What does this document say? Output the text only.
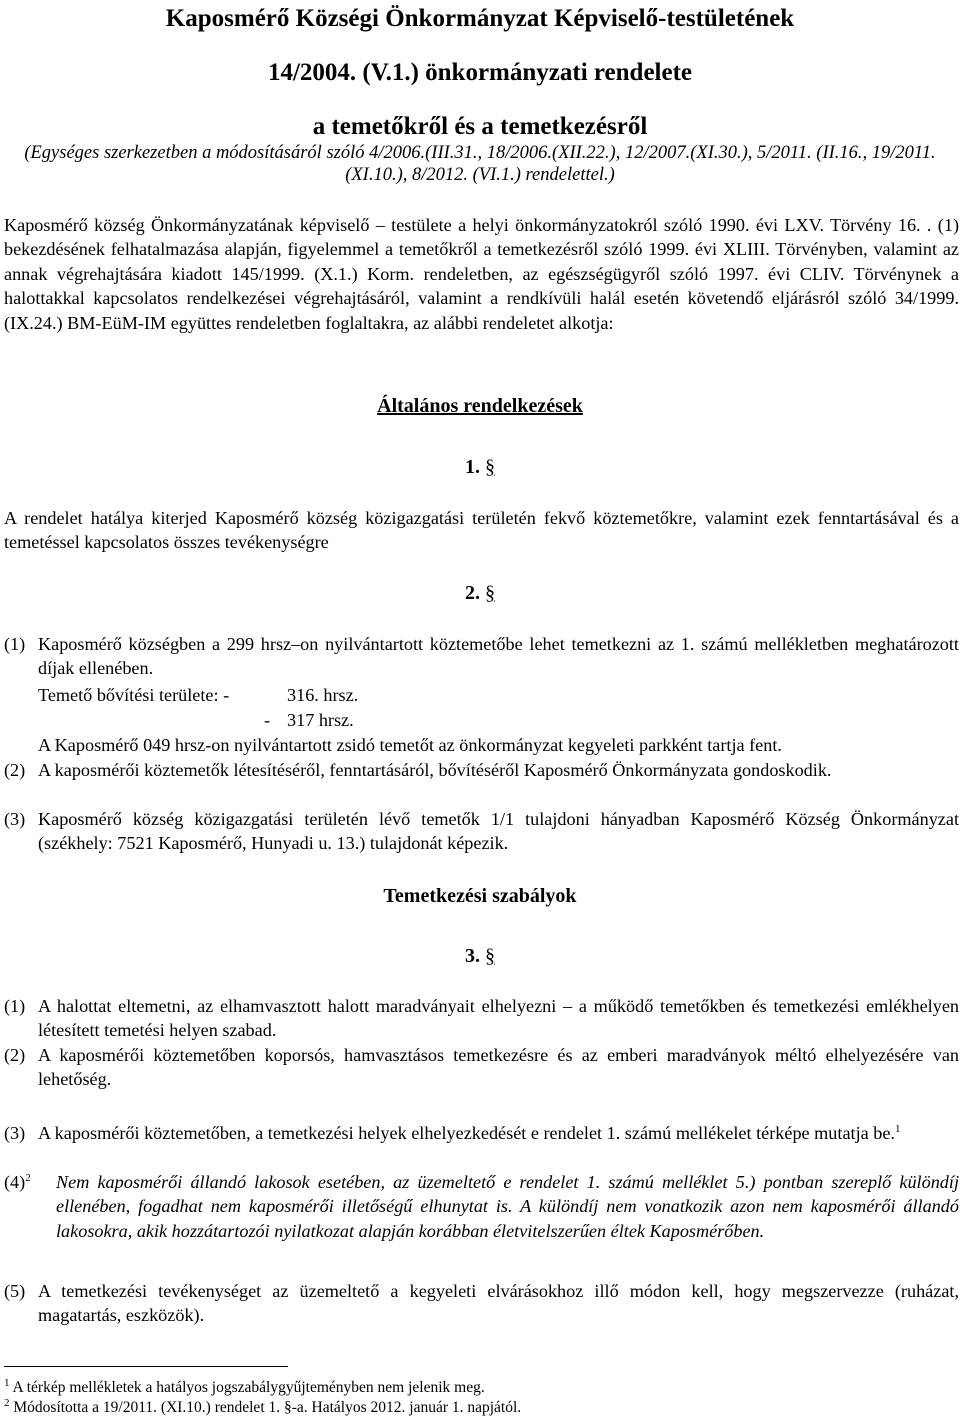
Kaposmérő Községi Önkormányzat Képviselő-testületének
14/2004. (V.1.) önkormányzati rendelete
a temetőkről és a temetkezésről
(Egységes szerkezetben a módosításáról szóló 4/2006.(III.31., 18/2006.(XII.22.), 12/2007.(XI.30.), 5/2011. (II.16., 19/2011. (XI.10.), 8/2012. (VI.1.) rendelettel.)
Kaposmérő község Önkormányzatának képviselő – testülete a helyi önkormányzatokról szóló 1990. évi LXV. Törvény 16. . (1) bekezdésének felhatalmazása alapján, figyelemmel a temetőkről a temetkezésről szóló 1999. évi XLIII. Törvényben, valamint az annak végrehajtására kiadott 145/1999. (X.1.) Korm. rendeletben, az egészségügyről szóló 1997. évi CLIV. Törvénynek a halottakkal kapcsolatos rendelkezései végrehajtásáról, valamint a rendkívüli halál esetén követendő eljárásról szóló 34/1999. (IX.24.) BM-EüM-IM együttes rendeletben foglaltakra, az alábbi rendeletet alkotja:
Általános rendelkezések
1. §
A rendelet hatálya kiterjed Kaposmérő község közigazgatási területén fekvő köztemetőkre, valamint ezek fenntartásával és a temetéssel kapcsolatos összes tevékenységre
2. §
(1) Kaposmérő községben a 299 hrsz–on nyilvántartott köztemetőbe lehet temetkezni az 1. számú mellékletben meghatározott díjak ellenében.
Temető bővítési területe: -	316. hrsz.
- 317 hrsz.
A Kaposmérő 049 hrsz-on nyilvántartott zsidó temetőt az önkormányzat kegyeleti parkként tartja fent.
(2) A kaposmérői köztemetők létesítéséről, fenntartásáról, bővítéséről Kaposmérő Önkormányzata gondoskodik.
(3) Kaposmérő község közigazgatási területén lévő temetők 1/1 tulajdoni hányadban Kaposmérő Község Önkormányzat (székhely: 7521 Kaposmérő, Hunyadi u. 13.) tulajdonát képezik.
Temetkezési szabályok
3. §
(1) A halottat eltemetni, az elhamvasztott halott maradványait elhelyezni – a működő temetőkben és temetkezési emlékhelyen létesített temetési helyen szabad.
(2) A kaposmérői köztemetőben koporsós, hamvasztásos temetkezésre és az emberi maradványok méltó elhelyezésére van lehetőség.
(3) A kaposmérői köztemetőben, a temetkezési helyek elhelyezkedését e rendelet 1. számú mellékelet térképe mutatja be.$^1$
$(4)^2$	Nem kaposmérői állandó lakosok esetében, az üzemeltető e rendelet 1. számú melléklet 5.) pontban szereplő különdíj ellenében, fogadhat nem kaposmérői illetőségű elhunytat is. A különdíj nem vonatkozik azon nem kaposmérői állandó lakosokra, akik hozzátartozói nyilatkozat alapján korábban életvitelszerűen éltek Kaposmérőben.
(5) A temetkezési tevékenységet az üzemeltető a kegyeleti elvárásokhoz illő módon kell, hogy megszervezze (ruházat, magatartás, eszközök).
$^1$ A térkép mellékletek a hatályos jogszabálygyűjteményben nem jelenik meg.
$^2$ Módosította a 19/2011. (XI.10.) rendelet 1. §-a. Hatályos 2012. január 1. napjától.
